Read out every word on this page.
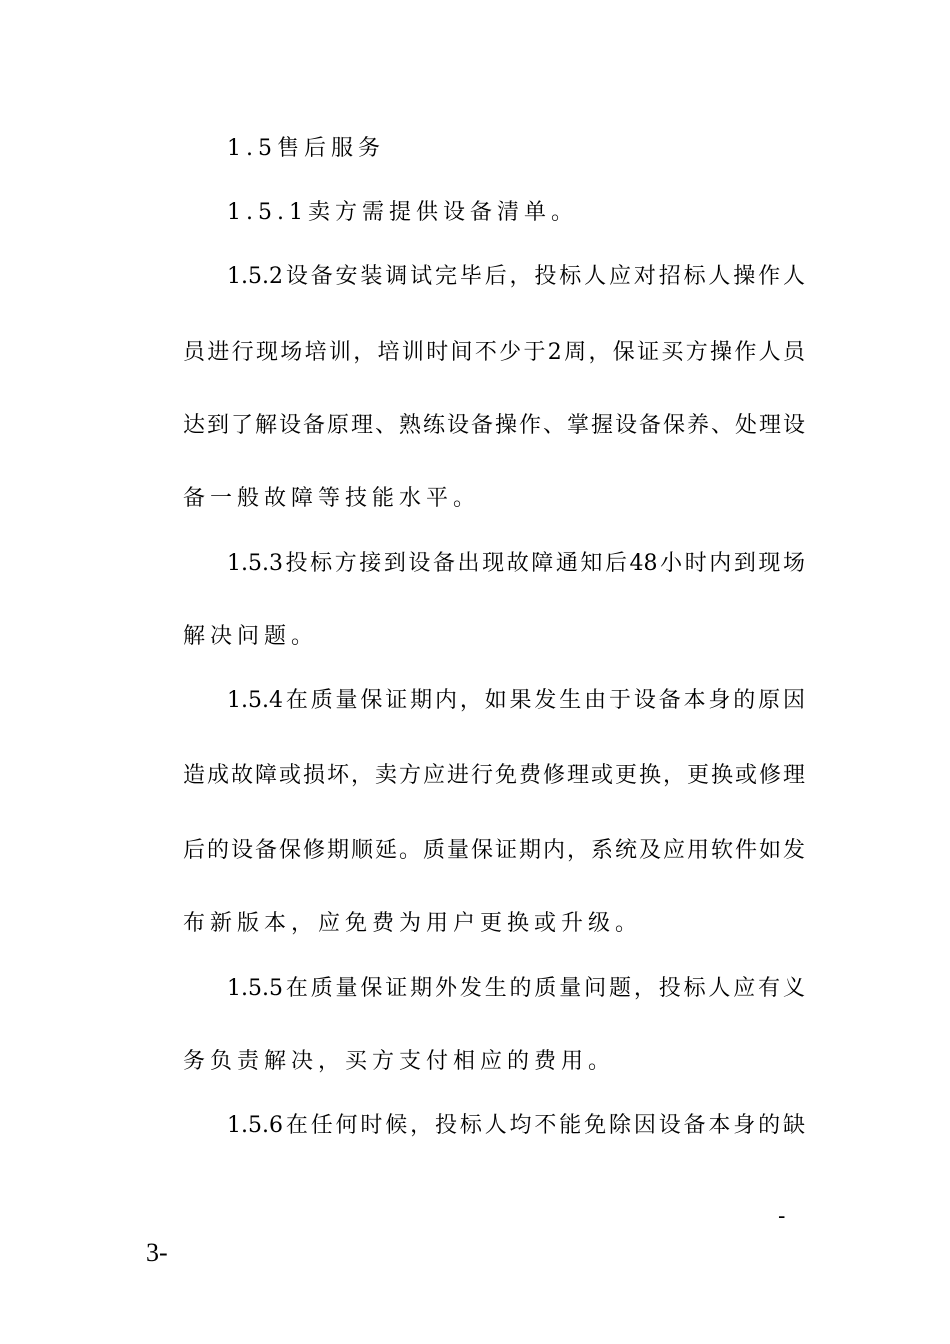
1.5售后服务
1.5.1卖方需提供设备清单。
1.5.2设备安装调试完毕后，投标人应对招标人操作人
员进行现场培训，培训时间不少于2周，保证买方操作人员
达到了解设备原理、熟练设备操作、掌握设备保养、处理设
备一般故障等技能水平。
1.5.3投标方接到设备出现故障通知后48小时内到现场
解决问题。
1.5.4在质量保证期内，如果发生由于设备本身的原因
造成故障或损坏，卖方应进行免费修理或更换，更换或修理
后的设备保修期顺延。质量保证期内，系统及应用软件如发
布新版本，应免费为用户更换或升级。
1.5.5在质量保证期外发生的质量问题，投标人应有义
务负责解决，买方支付相应的费用。
1.5.6在任何时候，投标人均不能免除因设备本身的缺
-
3-
